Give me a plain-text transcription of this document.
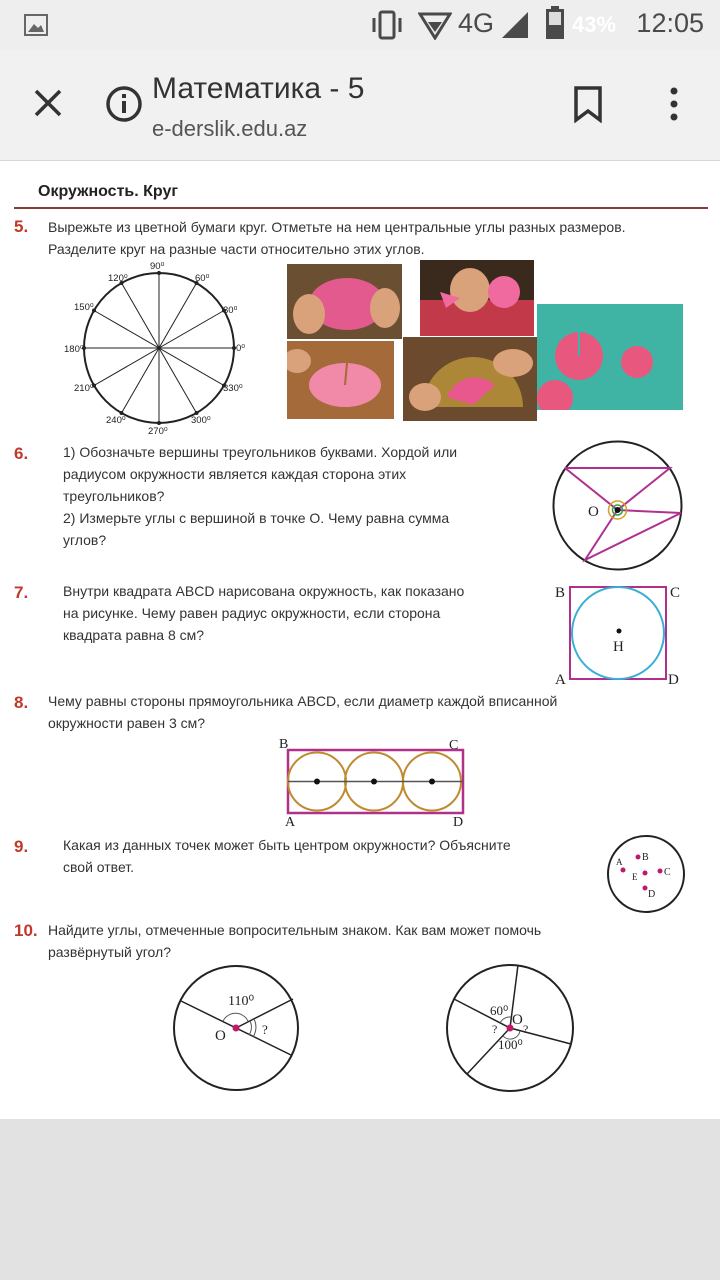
4G	43% 12:05
Математика - 5
e-derslik.edu.az
Окружность. Круг
5. Вырежьте из цветной бумаги круг. Отметьте на нем центральные углы разных размеров.
Разделите круг на разные части относительно этих углов.
90⁰
60⁰
30⁰
0⁰
330⁰
300⁰
270⁰
240⁰
210⁰
180⁰
150⁰
120⁰
6. 1) Обозначьте вершины треугольников буквами. Хордой или
радиусом окружности является каждая сторона этих
треугольников?
2) Измерьте углы с вершиной в точке О. Чему равна сумма
углов?
O
7. Внутри квадрата ABCD нарисована окружность, как показано
на рисунке. Чему равен радиус окружности, если сторона
квадрата равна 8 см?
B	C
A	D
H
8. Чему равны стороны прямоугольника ABCD, если диаметр каждой вписанной
окружности равен 3 см?
B	C
A	D
9. Какая из данных точек может быть центром окружности? Объясните
свой ответ.
B
A
C
E
D
10. Найдите углы, отмеченные вопросительным знаком. Как вам может помочь
развёрнутый угол?
110⁰
O	?
60⁰
O
? ?
100⁰
